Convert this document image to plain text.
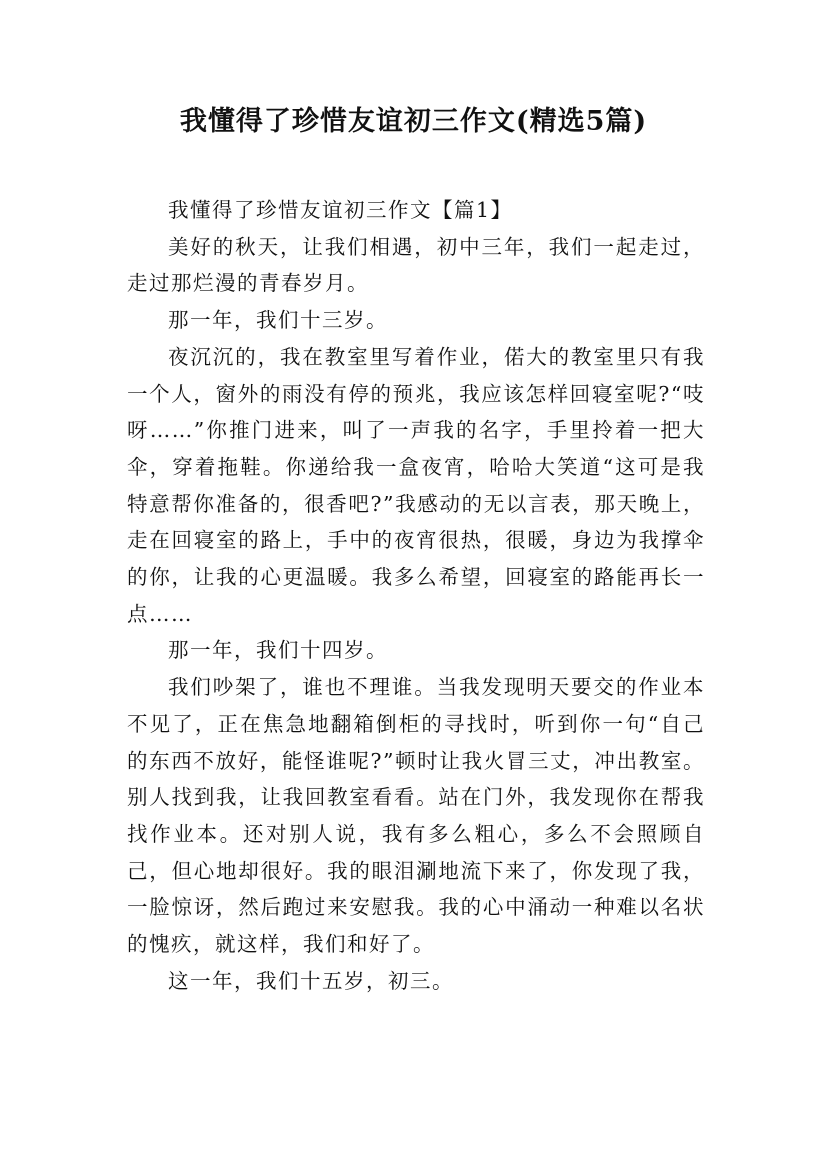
我懂得了珍惜友谊初三作文(精选5篇)

我懂得了珍惜友谊初三作文【篇1】

美好的秋天，让我们相遇，初中三年，我们一起走过，走过那烂漫的青春岁月。

那一年，我们十三岁。

夜沉沉的，我在教室里写着作业，偌大的教室里只有我一个人，窗外的雨没有停的预兆，我应该怎样回寝室呢?“吱呀……”你推门进来，叫了一声我的名字，手里拎着一把大伞，穿着拖鞋。你递给我一盒夜宵，哈哈大笑道“这可是我特意帮你准备的，很香吧?”我感动的无以言表，那天晚上，走在回寝室的路上，手中的夜宵很热，很暖，身边为我撑伞的你，让我的心更温暖。我多么希望，回寝室的路能再长一点……

那一年，我们十四岁。

我们吵架了，谁也不理谁。当我发现明天要交的作业本不见了，正在焦急地翻箱倒柜的寻找时，听到你一句“自己的东西不放好，能怪谁呢?”顿时让我火冒三丈，冲出教室。别人找到我，让我回教室看看。站在门外，我发现你在帮我找作业本。还对别人说，我有多么粗心，多么不会照顾自己，但心地却很好。我的眼泪涮地流下来了，你发现了我，一脸惊讶，然后跑过来安慰我。我的心中涌动一种难以名状的愧疚，就这样，我们和好了。

这一年，我们十五岁，初三。
